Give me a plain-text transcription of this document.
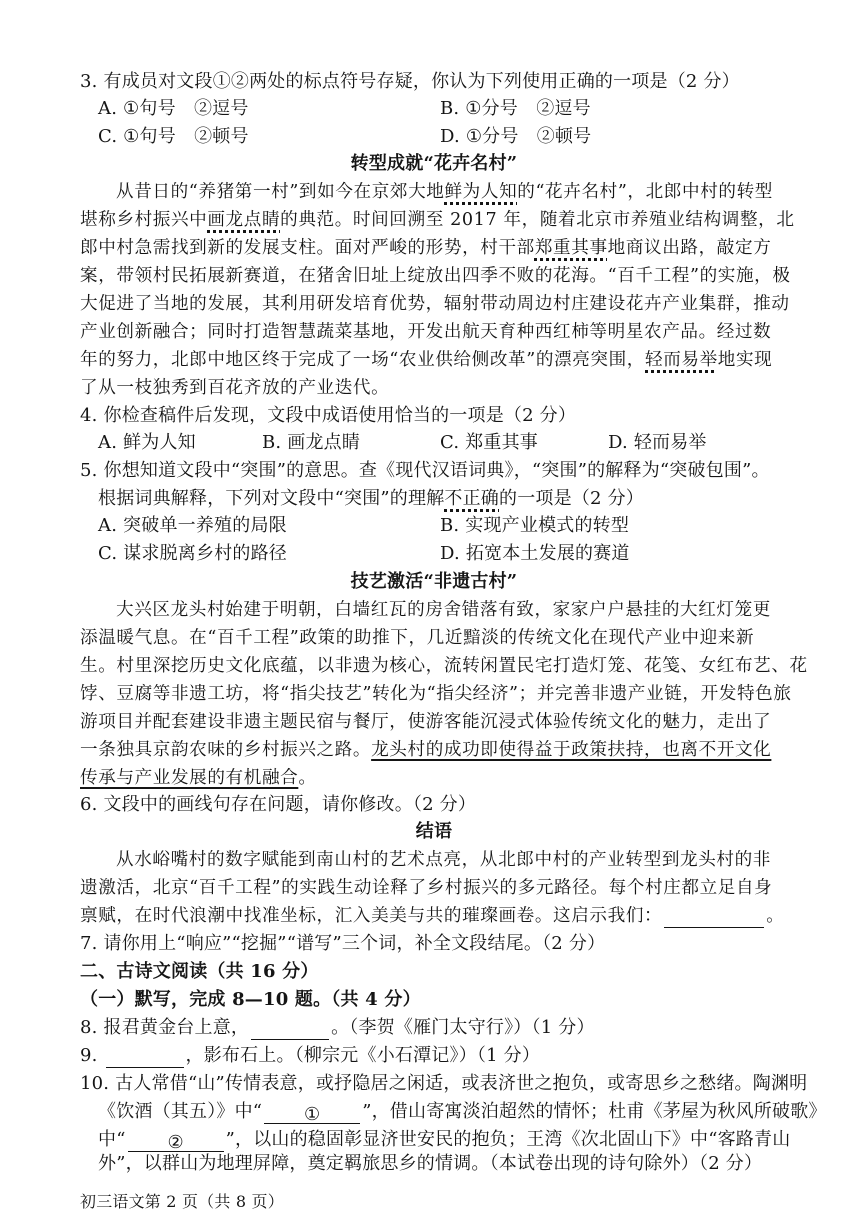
3. 有成员对文段①②两处的标点符号存疑，你认为下列使用正确的一项是（2 分）
A. ①句号　②逗号	B. ①分号　②逗号
C. ①句号　②顿号	D. ①分号　②顿号
转型成就“花卉名村”
从昔日的“养猪第一村”到如今在京郊大地鲜为人知的“花卉名村”，北郎中村的转型
堪称乡村振兴中画龙点睛的典范。时间回溯至 2017 年，随着北京市养殖业结构调整，北
郎中村急需找到新的发展支柱。面对严峻的形势，村干部郑重其事地商议出路，敲定方
案，带领村民拓展新赛道，在猪舍旧址上绽放出四季不败的花海。“百千工程”的实施，极
大促进了当地的发展，其利用研发培育优势，辐射带动周边村庄建设花卉产业集群，推动
产业创新融合；同时打造智慧蔬菜基地，开发出航天育种西红柿等明星农产品。经过数
年的努力，北郎中地区终于完成了一场“农业供给侧改革”的漂亮突围，轻而易举地实现
了从一枝独秀到百花齐放的产业迭代。
4. 你检查稿件后发现，文段中成语使用恰当的一项是（2 分）
A. 鲜为人知	B. 画龙点睛	C. 郑重其事	D. 轻而易举
5. 你想知道文段中“突围”的意思。查《现代汉语词典》，“突围”的解释为“突破包围”。
根据词典解释，下列对文段中“突围”的理解不正确的一项是（2 分）
A. 突破单一养殖的局限	B. 实现产业模式的转型
C. 谋求脱离乡村的路径	D. 拓宽本土发展的赛道
技艺激活“非遗古村”
大兴区龙头村始建于明朝，白墙红瓦的房舍错落有致，家家户户悬挂的大红灯笼更
添温暖气息。在“百千工程”政策的助推下，几近黯淡的传统文化在现代产业中迎来新
生。村里深挖历史文化底蕴，以非遗为核心，流转闲置民宅打造灯笼、花笺、女红布艺、花
饽、豆腐等非遗工坊，将“指尖技艺”转化为“指尖经济”；并完善非遗产业链，开发特色旅
游项目并配套建设非遗主题民宿与餐厅，使游客能沉浸式体验传统文化的魅力，走出了
一条独具京韵农味的乡村振兴之路。龙头村的成功即使得益于政策扶持，也离不开文化
传承与产业发展的有机融合。
6. 文段中的画线句存在问题，请你修改。（2 分）
结语
从水峪嘴村的数字赋能到南山村的艺术点亮，从北郎中村的产业转型到龙头村的非
遗激活，北京“百千工程”的实践生动诠释了乡村振兴的多元路径。每个村庄都立足自身
禀赋，在时代浪潮中找准坐标，汇入美美与共的璀璨画卷。这启示我们：	。
7. 请你用上“响应”“挖掘”“谱写”三个词，补全文段结尾。（2 分）
二、古诗文阅读（共 16 分）
（一）默写，完成 8—10 题。（共 4 分）
8. 报君黄金台上意，	。（李贺《雁门太守行》）（1 分）
9.	，影布石上。（柳宗元《小石潭记》）（1 分）
10. 古人常借“山”传情表意，或抒隐居之闲适，或表济世之抱负，或寄思乡之愁绪。陶渊明
《饮酒（其五）》中“ ① ”，借山寄寓淡泊超然的情怀；杜甫《茅屋为秋风所破歌》
中“ ② ”，以山的稳固彰显济世安民的抱负；王湾《次北固山下》中“客路青山
外”，以群山为地理屏障，奠定羁旅思乡的情调。（本试卷出现的诗句除外）（2 分）
初三语文第 2 页（共 8 页）
